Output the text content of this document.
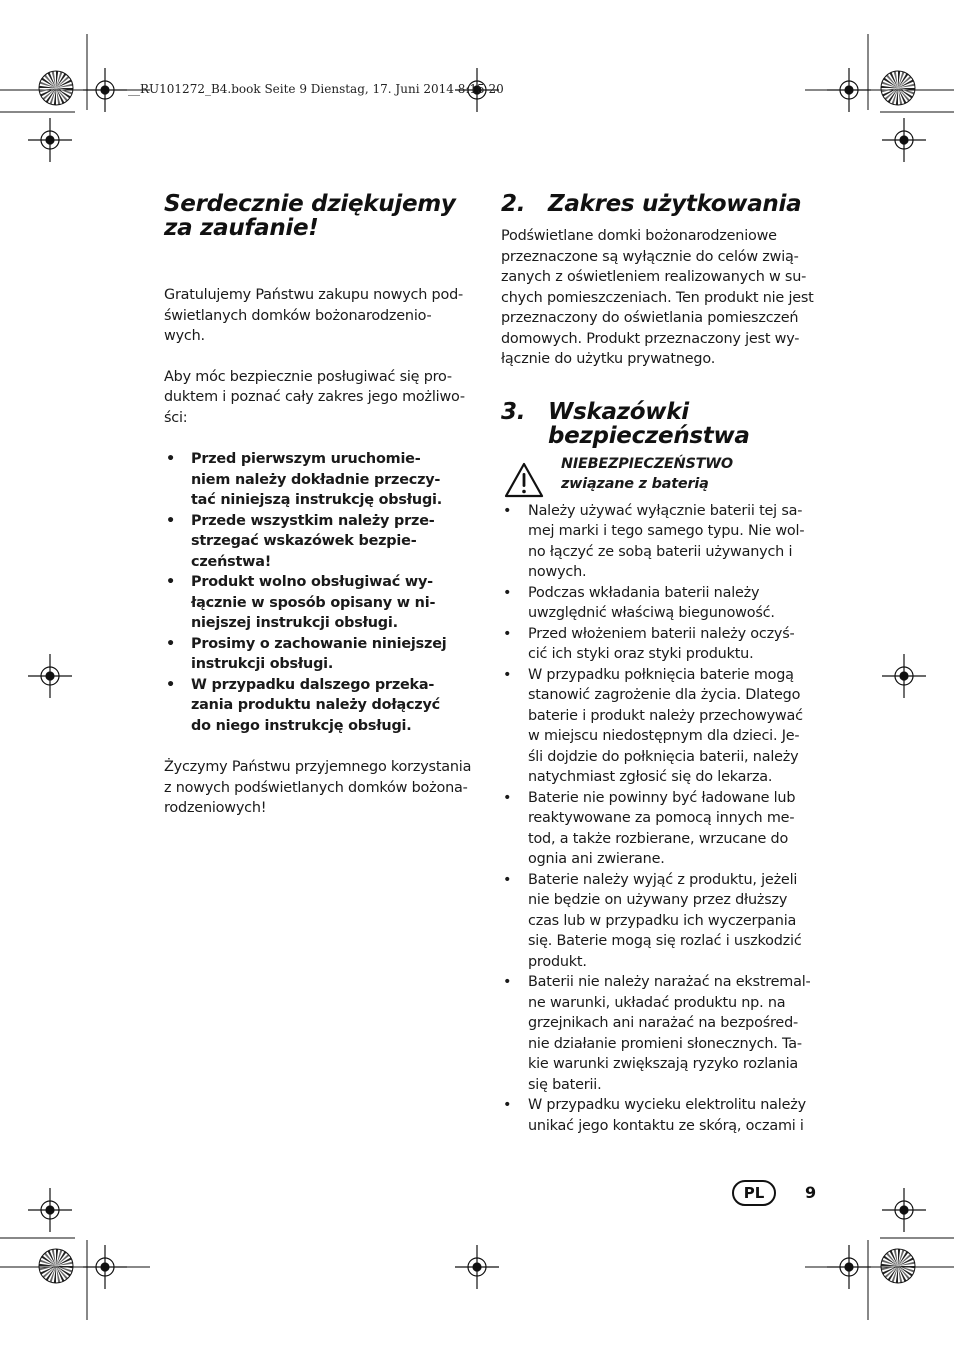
__RU101272_B4.book Seite 9 Dienstag, 17. Juni 2014 8:15 20
Serdecznie dziękujemy
za zaufanie!

Gratulujemy Państwu zakupu nowych pod-
świetlanych domków bożonarodzenio-
wych.

Aby móc bezpiecznie posługiwać się pro-
duktem i poznać cały zakres jego możliwo-
ści:

• Przed pierwszym uruchomie-
niem należy dokładnie przeczy-
tać niniejszą instrukcję obsługi.
• Przede wszystkim należy prze-
strzegać wskazówek bezpie-
czeństwa!
• Produkt wolno obsługiwać wy-
łącznie w sposób opisany w ni-
niejszej instrukcji obsługi.
• Prosimy o zachowanie niniejszej
instrukcji obsługi.
• W przypadku dalszego przeka-
zania produktu należy dołączyć
do niego instrukcję obsługi.

Życzymy Państwu przyjemnego korzystania
z nowych podświetlanych domków bożona-
rodzeniowych!

2. Zakres użytkowania

Podświetlane domki bożonarodzeniowe
przeznaczone są wyłącznie do celów zwią-
zanych z oświetleniem realizowanych w su-
chych pomieszczeniach. Ten produkt nie jest
przeznaczony do oświetlania pomieszczeń
domowych. Produkt przeznaczony jest wy-
łącznie do użytku prywatnego.

3. Wskazówki
bezpieczeństwa
NIEBEZPIECZEŃSTWO
związane z baterią
• Należy używać wyłącznie baterii tej sa-
mej marki i tego samego typu. Nie wol-
no łączyć ze sobą baterii używanych i
nowych.
• Podczas wkładania baterii należy
uwzględnić właściwą biegunowość.
• Przed włożeniem baterii należy oczyś-
cić ich styki oraz styki produktu.
• W przypadku połknięcia baterie mogą
stanowić zagrożenie dla życia. Dlatego
baterie i produkt należy przechowywać
w miejscu niedostępnym dla dzieci. Je-
śli dojdzie do połknięcia baterii, należy
natychmiast zgłosić się do lekarza.
• Baterie nie powinny być ładowane lub
reaktywowane za pomocą innych me-
tod, a także rozbierane, wrzucane do
ognia ani zwierane.
• Baterie należy wyjąć z produktu, jeżeli
nie będzie on używany przez dłuższy
czas lub w przypadku ich wyczerpania
się. Baterie mogą się rozlać i uszkodzić
produkt.
• Baterii nie należy narażać na ekstremal-
ne warunki, układać produktu np. na
grzejnikach ani narażać na bezpośred-
nie działanie promieni słonecznych. Ta-
kie warunki zwiększają ryzyko rozlania
się baterii.
• W przypadku wycieku elektrolitu należy
unikać jego kontaktu ze skórą, oczami i
PL	9
